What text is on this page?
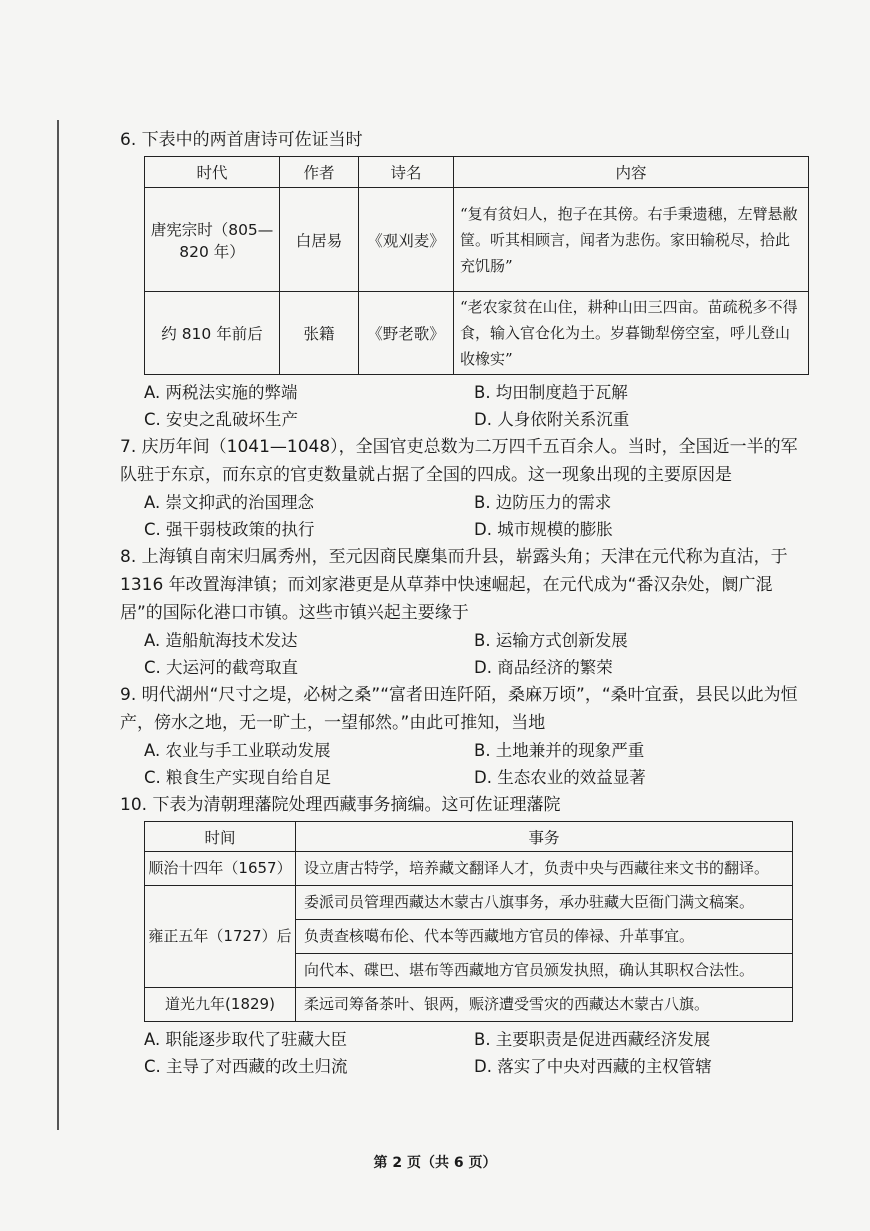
6. 下表中的两首唐诗可佐证当时

时代	作者	诗名	内容
唐宪宗时（805—820 年）	白居易	《观刈麦》	“复有贫妇人，抱子在其傍。右手秉遗穗，左臂悬敝筐。听其相顾言，闻者为悲伤。家田输税尽，拾此充饥肠”
约 810 年前后	张籍	《野老歌》	“老农家贫在山住，耕种山田三四亩。苗疏税多不得食，输入官仓化为土。岁暮锄犁傍空室，呼儿登山收橡实”
A. 两税法实施的弊端	B. 均田制度趋于瓦解
C. 安史之乱破坏生产	D. 人身依附关系沉重

7. 庆历年间（1041—1048），全国官吏总数为二万四千五百余人。当时，全国近一半的军队驻于东京，而东京的官吏数量就占据了全国的四成。这一现象出现的主要原因是

A. 崇文抑武的治国理念	B. 边防压力的需求
C. 强干弱枝政策的执行	D. 城市规模的膨胀

8. 上海镇自南宋归属秀州，至元因商民麇集而升县，崭露头角；天津在元代称为直沽，于 1316 年改置海津镇；而刘家港更是从草莽中快速崛起，在元代成为“番汉杂处，阛广混居”的国际化港口市镇。这些市镇兴起主要缘于

A. 造船航海技术发达	B. 运输方式创新发展
C. 大运河的截弯取直	D. 商品经济的繁荣

9. 明代湖州“尺寸之堤，必树之桑”“富者田连阡陌，桑麻万顷”，“桑叶宜蚕，县民以此为恒产，傍水之地，无一旷土，一望郁然。”由此可推知，当地

A. 农业与手工业联动发展	B. 土地兼并的现象严重
C. 粮食生产实现自给自足	D. 生态农业的效益显著

10. 下表为清朝理藩院处理西藏事务摘编。这可佐证理藩院

时间	事务
顺治十四年（1657）	设立唐古特学，培养藏文翻译人才，负责中央与西藏往来文书的翻译。
雍正五年（1727）后	委派司员管理西藏达木蒙古八旗事务，承办驻藏大臣衙门满文稿案。
	负责查核噶布伦、代本等西藏地方官员的俸禄、升革事宜。
	向代本、碟巴、堪布等西藏地方官员颁发执照，确认其职权合法性。
道光九年(1829)	柔远司筹备茶叶、银两，赈济遭受雪灾的西藏达木蒙古八旗。
A. 职能逐步取代了驻藏大臣	B. 主要职责是促进西藏经济发展
C. 主导了对西藏的改土归流	D. 落实了中央对西藏的主权管辖
第 2 页（共 6 页）
